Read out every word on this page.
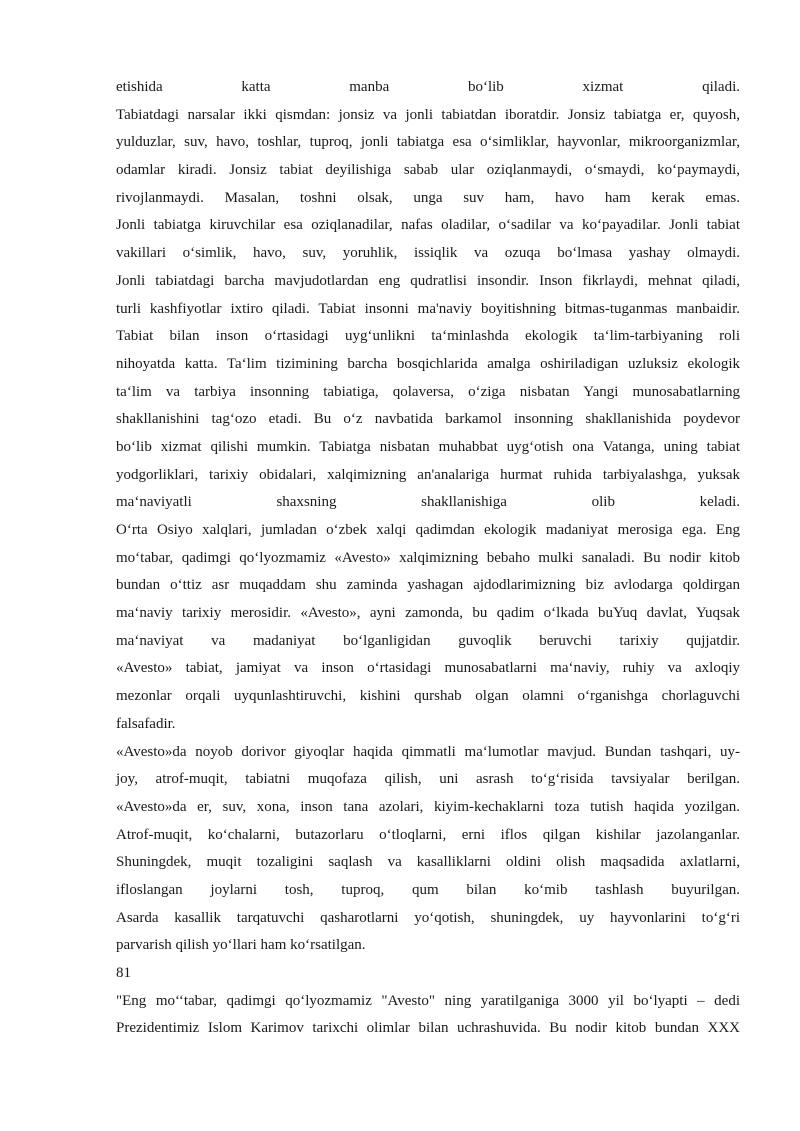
etishida katta manba bo‘lib xizmat qiladi.
Tabiatdagi narsalar ikki qismdan: jonsiz va jonli tabiatdan iboratdir. Jonsiz tabiatga er, quyosh,
yulduzlar, suv, havo, toshlar, tuproq, jonli tabiatga esa o‘simliklar, hayvonlar, mikroorganizmlar,
odamlar kiradi. Jonsiz tabiat deyilishiga sabab ular oziqlanmaydi, o‘smaydi, ko‘paymaydi,
rivojlanmaydi. Masalan, toshni olsak, unga suv ham, havo ham kerak emas.
Jonli tabiatga kiruvchilar esa oziqlanadilar, nafas oladilar, o‘sadilar va ko‘payadilar. Jonli tabiat
vakillari o‘simlik, havo, suv, yoruhlik, issiqlik va ozuqa bo‘lmasa yashay olmaydi.
Jonli tabiatdagi barcha mavjudotlardan eng qudratlisi insondir. Inson fikrlaydi, mehnat qiladi,
turli kashfiyotlar ixtiro qiladi. Tabiat insonni ma'naviy boyitishning bitmas-tuganmas manbaidir.
Tabiat bilan inson o‘rtasidagi uyg‘unlikni ta‘minlashda ekologik ta‘lim-tarbiyaning roli
nihoyatda katta. Ta‘lim tizimining barcha bosqichlarida amalga oshiriladigan uzluksiz ekologik
ta‘lim va tarbiya insonning tabiatiga, qolaversa, o‘ziga nisbatan Yangi munosabatlarning
shakllanishini tag‘ozo etadi. Bu o‘z navbatida barkamol insonning shakllanishida poydevor
bo‘lib xizmat qilishi mumkin. Tabiatga nisbatan muhabbat uyg‘otish ona Vatanga, uning tabiat
yodgorliklari, tarixiy obidalari, xalqimizning an'analariga hurmat ruhida tarbiyalashga, yuksak
ma‘naviyatli shaxsning shakllanishiga olib keladi.
O‘rta Osiyo xalqlari, jumladan o‘zbek xalqi qadimdan ekologik madaniyat merosiga ega. Eng
mo‘tabar, qadimgi qo‘lyozmamiz «Avesto» xalqimizning bebaho mulki sanaladi. Bu nodir kitob
bundan o‘ttiz asr muqaddam shu zaminda yashagan ajdodlarimizning biz avlodarga qoldirgan
ma‘naviy tarixiy merosidir. «Avesto», ayni zamonda, bu qadim o‘lkada buYuq davlat, Yuqsak
ma‘naviyat va madaniyat bo‘lganligidan guvoqlik beruvchi tarixiy qujjatdir.
«Avesto» tabiat, jamiyat va inson o‘rtasidagi munosabatlarni ma‘naviy, ruhiy va axloqiy
mezonlar orqali uyqunlashtiruvchi, kishini qurshab olgan olamni o‘rganishga chorlaguvchi
falsafadir.
«Avesto»da noyob dorivor giyoqlar haqida qimmatli ma‘lumotlar mavjud. Bundan tashqari, uy-
joy, atrof-muqit, tabiatni muqofaza qilish, uni asrash to‘g‘risida tavsiyalar berilgan.
«Avesto»da er, suv, xona, inson tana azolari, kiyim-kechaklarni toza tutish haqida yozilgan.
Atrof-muqit, ko‘chalarni, butazorlaru o‘tloqlarni, erni iflos qilgan kishilar jazolanganlar.
Shuningdek, muqit tozaligini saqlash va kasalliklarni oldini olish maqsadida axlatlarni,
ifloslangan joylarni tosh, tuproq, qum bilan ko‘mib tashlash buyurilgan.
Asarda kasallik tarqatuvchi qasharotlarni yo‘qotish, shuningdek, uy hayvonlarini to‘g‘ri
parvarish qilish yo‘llari ham ko‘rsatilgan.
81
"Eng mo‘‘tabar, qadimgi qo‘lyozmamiz "Avesto" ning yaratilganiga 3000 yil bo‘lyapti – dedi
Prezidentimiz Islom Karimov tarixchi olimlar bilan uchrashuvida. Bu nodir kitob bundan XXX
